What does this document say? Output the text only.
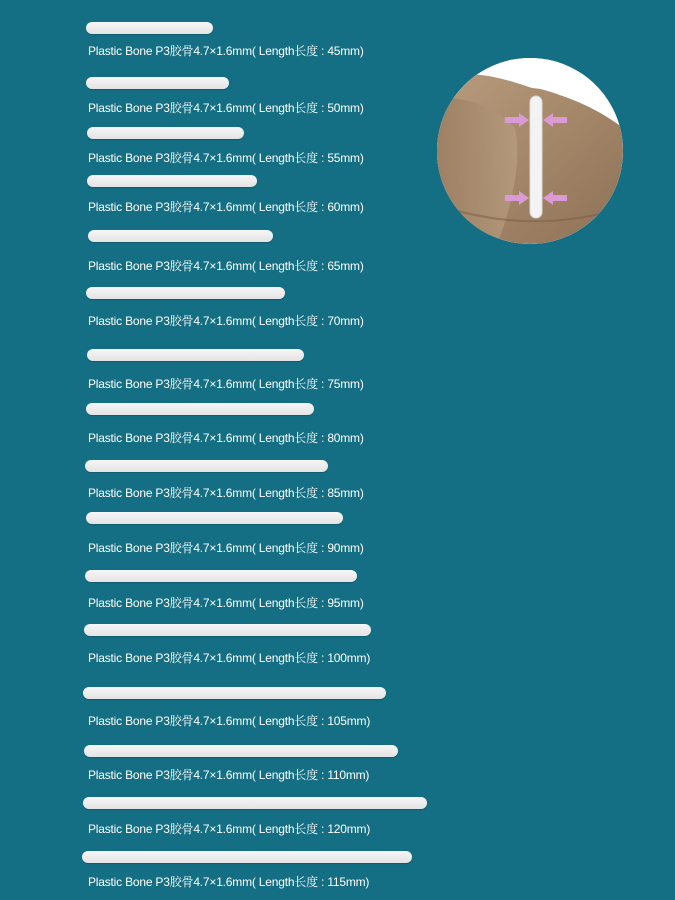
Plastic Bone P3胶骨4.7×1.6mm( Length长度 : 45mm)
Plastic Bone P3胶骨4.7×1.6mm( Length长度 : 50mm)
Plastic Bone P3胶骨4.7×1.6mm( Length长度 : 55mm)
Plastic Bone P3胶骨4.7×1.6mm( Length长度 : 60mm)
Plastic Bone P3胶骨4.7×1.6mm( Length长度 : 65mm)
Plastic Bone P3胶骨4.7×1.6mm( Length长度 : 70mm)
Plastic Bone P3胶骨4.7×1.6mm( Length长度 : 75mm)
Plastic Bone P3胶骨4.7×1.6mm( Length长度 : 80mm)
Plastic Bone P3胶骨4.7×1.6mm( Length长度 : 85mm)
Plastic Bone P3胶骨4.7×1.6mm( Length长度 : 90mm)
Plastic Bone P3胶骨4.7×1.6mm( Length长度 : 95mm)
Plastic Bone P3胶骨4.7×1.6mm( Length长度 : 100mm)
Plastic Bone P3胶骨4.7×1.6mm( Length长度 : 105mm)
Plastic Bone P3胶骨4.7×1.6mm( Length长度 : 110mm)
Plastic Bone P3胶骨4.7×1.6mm( Length长度 : 120mm)
Plastic Bone P3胶骨4.7×1.6mm( Length长度 : 115mm)
